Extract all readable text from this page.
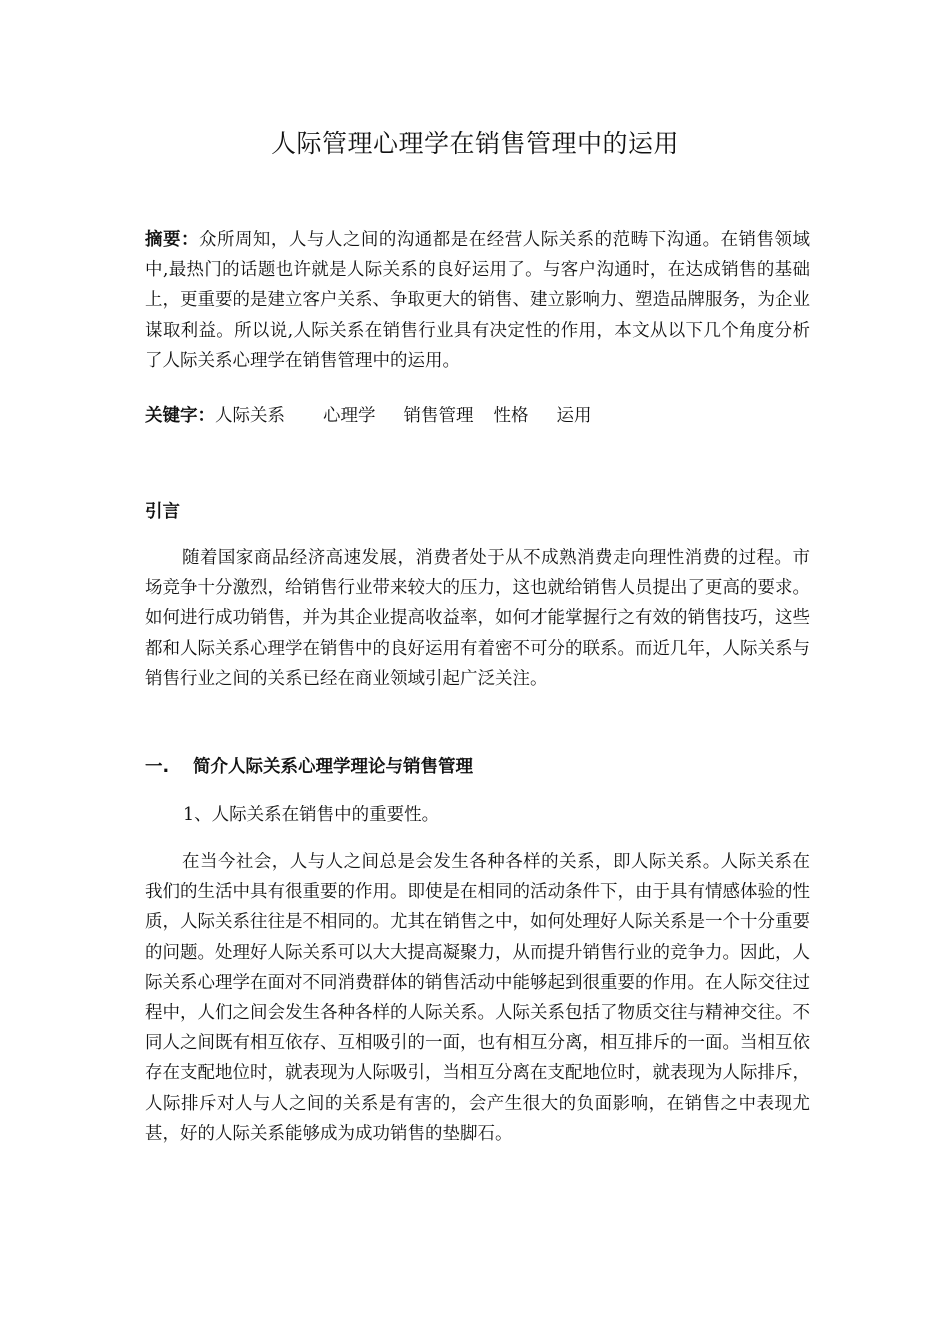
人际管理心理学在销售管理中的运用
摘要：众所周知，人与人之间的沟通都是在经营人际关系的范畴下沟通。在销售领域中,最热门的话题也许就是人际关系的良好运用了。与客户沟通时，在达成销售的基础上，更重要的是建立客户关系、争取更大的销售、建立影响力、塑造品牌服务，为企业谋取利益。所以说,人际关系在销售行业具有决定性的作用，本文从以下几个角度分析了人际关系心理学在销售管理中的运用。
关键字：人际关系 心理学 销售管理 性格 运用
引言
随着国家商品经济高速发展，消费者处于从不成熟消费走向理性消费的过程。市场竞争十分激烈，给销售行业带来较大的压力，这也就给销售人员提出了更高的要求。如何进行成功销售，并为其企业提高收益率，如何才能掌握行之有效的销售技巧，这些都和人际关系心理学在销售中的良好运用有着密不可分的联系。而近几年，人际关系与销售行业之间的关系已经在商业领域引起广泛关注。
一. 简介人际关系心理学理论与销售管理
1、人际关系在销售中的重要性。
在当今社会，人与人之间总是会发生各种各样的关系，即人际关系。人际关系在我们的生活中具有很重要的作用。即使是在相同的活动条件下，由于具有情感体验的性质，人际关系往往是不相同的。尤其在销售之中，如何处理好人际关系是一个十分重要的问题。处理好人际关系可以大大提高凝聚力，从而提升销售行业的竞争力。因此，人际关系心理学在面对不同消费群体的销售活动中能够起到很重要的作用。在人际交往过程中，人们之间会发生各种各样的人际关系。人际关系包括了物质交往与精神交往。不同人之间既有相互依存、互相吸引的一面，也有相互分离，相互排斥的一面。当相互依存在支配地位时，就表现为人际吸引，当相互分离在支配地位时，就表现为人际排斥，人际排斥对人与人之间的关系是有害的，会产生很大的负面影响，在销售之中表现尤甚，好的人际关系能够成为成功销售的垫脚石。
